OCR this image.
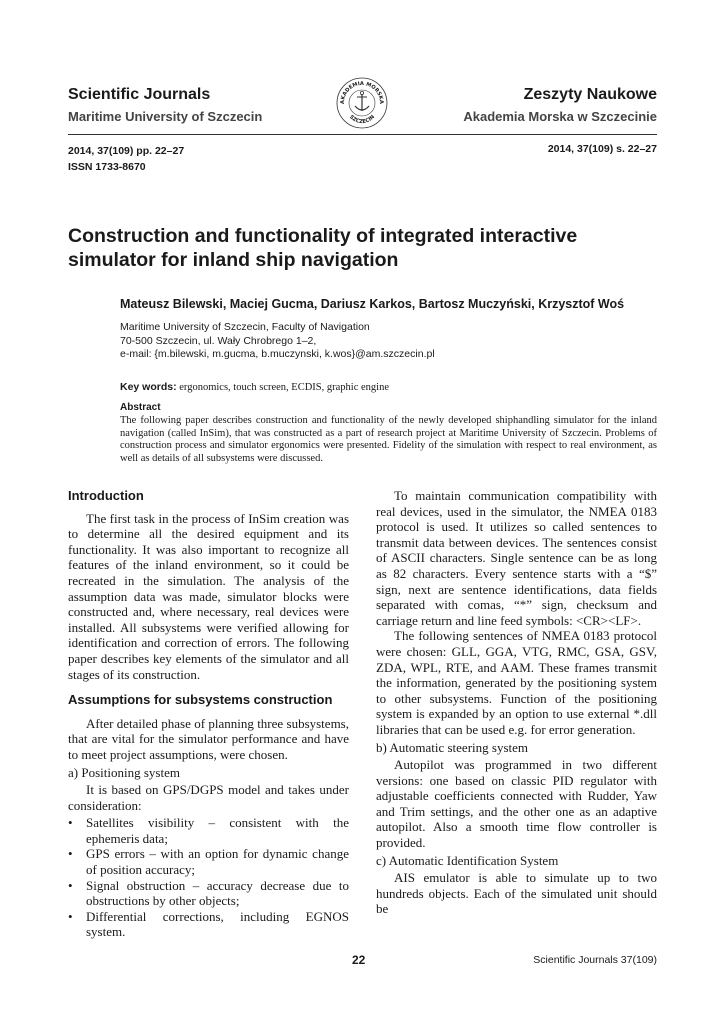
Scientific Journals
Maritime University of Szczecin
AKADEMIA MORSKA
SZCZECIN
Zeszyty Naukowe
Akademia Morska w Szczecinie
2014, 37(109) pp. 22–27
ISSN 1733-8670
2014, 37(109) s. 22–27
Construction and functionality of integrated interactive
simulator for inland ship navigation
Mateusz Bilewski, Maciej Gucma, Dariusz Karkos, Bartosz Muczyński, Krzysztof Woś
Maritime University of Szczecin, Faculty of Navigation
70-500 Szczecin, ul. Wały Chrobrego 1–2,
e-mail: {m.bilewski, m.gucma, b.muczynski, k.wos}@am.szczecin.pl
Key words: ergonomics, touch screen, ECDIS, graphic engine
Abstract
The following paper describes construction and functionality of the newly developed shiphandling simulator for the inland navigation (called InSim), that was constructed as a part of research project at Maritime University of Szczecin. Problems of construction process and simulator ergonomics were presented. Fidelity of the simulation with respect to real environment, as well as details of all subsystems were discussed.
Introduction

The first task in the process of InSim creation was to determine all the desired equipment and its functionality. It was also important to recognize all features of the inland environment, so it could be recreated in the simulation. The analysis of the assumption data was made, simulator blocks were constructed and, where necessary, real devices were installed. All subsystems were verified allowing for identification and correction of errors. The following paper describes key elements of the simulator and all stages of its construction.

Assumptions for subsystems construction

After detailed phase of planning three subsystems, that are vital for the simulator performance and have to meet project assumptions, were chosen.

a) Positioning system

It is based on GPS/DGPS model and takes under consideration:

• Satellites visibility – consistent with the ephemeris data;
• GPS errors – with an option for dynamic change of position accuracy;
• Signal obstruction – accuracy decrease due to obstructions by other objects;
• Differential corrections, including EGNOS system.

To maintain communication compatibility with real devices, used in the simulator, the NMEA 0183 protocol is used. It utilizes so called sentences to transmit data between devices. The sentences consist of ASCII characters. Single sentence can be as long as 82 characters. Every sentence starts with a “$” sign, next are sentence identifications, data fields separated with comas, “*” sign, checksum and carriage return and line feed symbols: <CR><LF>.

The following sentences of NMEA 0183 protocol were chosen: GLL, GGA, VTG, RMC, GSA, GSV, ZDA, WPL, RTE, and AAM. These frames transmit the information, generated by the positioning system to other subsystems. Function of the positioning system is expanded by an option to use external *.dll libraries that can be used e.g. for error generation.

b) Automatic steering system

Autopilot was programmed in two different versions: one based on classic PID regulator with adjustable coefficients connected with Rudder, Yaw and Trim settings, and the other one as an adaptive autopilot. Also a smooth time flow controller is provided.

c) Automatic Identification System

AIS emulator is able to simulate up to two hundreds objects. Each of the simulated unit should be

22	Scientific Journals 37(109)
